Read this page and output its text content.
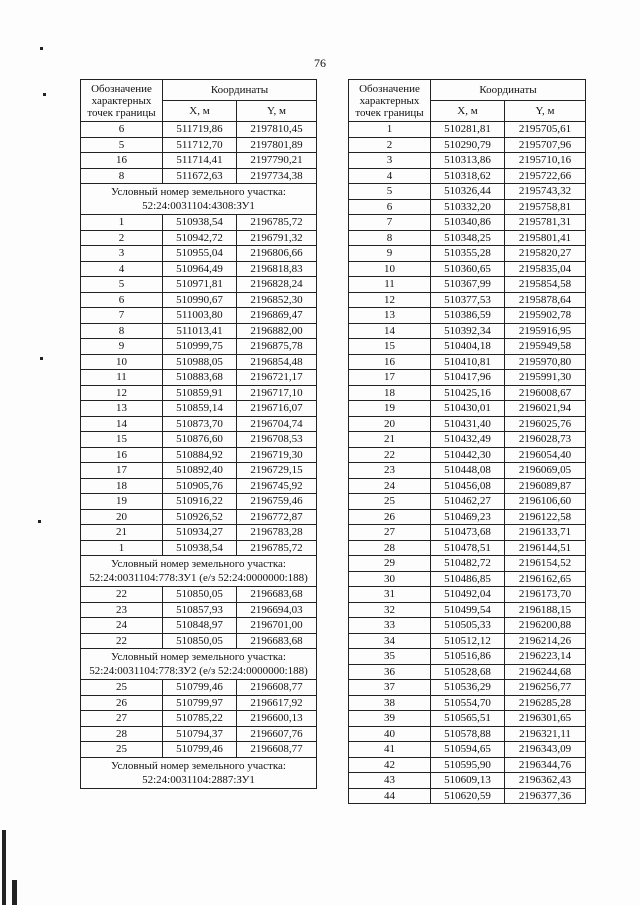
76
Обозначение характерных точек границы	Координаты	
	X, м	Y, м
6	511719,86	2197810,45
5	511712,70	2197801,89
16	511714,41	2197790,21
8	511672,63	2197734,38
Условный номер земельного участка: 52:24:0031104:4308:ЗУ1		
1	510938,54	2196785,72
2	510942,72	2196791,32
3	510955,04	2196806,66
4	510964,49	2196818,83
5	510971,81	2196828,24
6	510990,67	2196852,30
7	511003,80	2196869,47
8	511013,41	2196882,00
9	510999,75	2196875,78
10	510988,05	2196854,48
11	510883,68	2196721,17
12	510859,91	2196717,10
13	510859,14	2196716,07
14	510873,70	2196704,74
15	510876,60	2196708,53
16	510884,92	2196719,30
17	510892,40	2196729,15
18	510905,76	2196745,92
19	510916,22	2196759,46
20	510926,52	2196772,87
21	510934,27	2196783,28
1	510938,54	2196785,72
Условный номер земельного участка: 52:24:0031104:778:ЗУ1 (е/з 52:24:0000000:188)		
22	510850,05	2196683,68
23	510857,93	2196694,03
24	510848,97	2196701,00
22	510850,05	2196683,68
Условный номер земельного участка: 52:24:0031104:778:ЗУ2 (е/з 52:24:0000000:188)		
25	510799,46	2196608,77
26	510799,97	2196617,92
27	510785,22	2196600,13
28	510794,37	2196607,76
25	510799,46	2196608,77
Условный номер земельного участка: 52:24:0031104:2887:ЗУ1		
Обозначение характерных точек границы	Координаты	
	X, м	Y, м
1	510281,81	2195705,61
2	510290,79	2195707,96
3	510313,86	2195710,16
4	510318,62	2195722,66
5	510326,44	2195743,32
6	510332,20	2195758,81
7	510340,86	2195781,31
8	510348,25	2195801,41
9	510355,28	2195820,27
10	510360,65	2195835,04
11	510367,99	2195854,58
12	510377,53	2195878,64
13	510386,59	2195902,78
14	510392,34	2195916,95
15	510404,18	2195949,58
16	510410,81	2195970,80
17	510417,96	2195991,30
18	510425,16	2196008,67
19	510430,01	2196021,94
20	510431,40	2196025,76
21	510432,49	2196028,73
22	510442,30	2196054,40
23	510448,08	2196069,05
24	510456,08	2196089,87
25	510462,27	2196106,60
26	510469,23	2196122,58
27	510473,68	2196133,71
28	510478,51	2196144,51
29	510482,72	2196154,52
30	510486,85	2196162,65
31	510492,04	2196173,70
32	510499,54	2196188,15
33	510505,33	2196200,88
34	510512,12	2196214,26
35	510516,86	2196223,14
36	510528,68	2196244,68
37	510536,29	2196256,77
38	510554,70	2196285,28
39	510565,51	2196301,65
40	510578,88	2196321,11
41	510594,65	2196343,09
42	510595,90	2196344,76
43	510609,13	2196362,43
44	510620,59	2196377,36
